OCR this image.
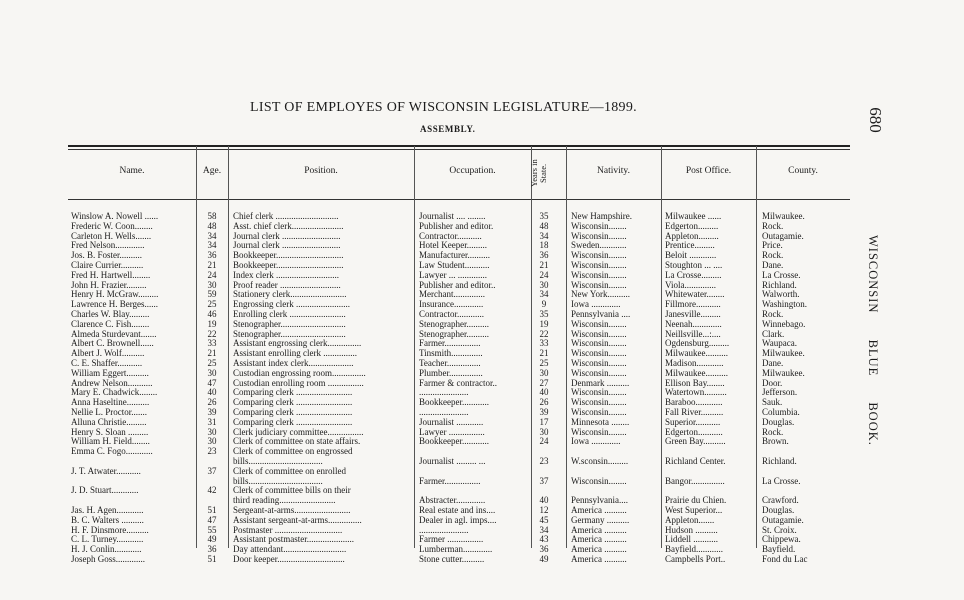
LIST OF EMPLOYES OF WISCONSIN LEGISLATURE—1899.
ASSEMBLY.	680
WISCONSIN BLUE BOOK.
Name.	Age.	Position.	Occupation.	Years in State.	Nativity.	Post Office.	County.
Winslow A. Nowell ......	58	Chief clerk ............................	Journalist .... ........	35	New Hampshire.	Milwaukee ......	Milwaukee.
Frederic W. Coon........	48	Asst. chief clerk.......................	Publisher and editor.	48	Wisconsin........	Edgerton.........	Rock.
Carleton H. Wells.......	34	Journal clerk ..........................	Contractor...........	34	Wisconsin........	Appleton.........	Outagamie.
Fred Nelson.............	34	Journal clerk ..........................	Hotel Keeper.........	18	Sweden............	Prentice.........	Price.
Jos. B. Foster..........	36	Bookkeeper..............................	Manufacturer..........	36	Wisconsin........	Beloit ............	Rock.
Claire Currier..........	21	Bookkeeper..............................	Law Student...........	21	Wisconsin........	Stoughton ... ....	Dane.
Fred H. Hartwell........	24	Index clerk ............................	Lawyer ... .............	24	Wisconsin........	La Crosse.........	La Crosse.
John H. Frazier.........	30	Proof reader ...........................	Publisher and editor..	30	Wisconsin........	Viola..............	Richland.
Henry H. McGraw.........	59	Stationery clerk.........................	Merchant..............	34	New York..........	Whitewater........	Walworth.
Lawrence H. Berges......	25	Engrossing clerk ........................	Insurance.............	9	Iowa .............	Fillmore...........	Washington.
Charles W. Blay.........	46	Enrolling clerk .........................	Contractor............	35	Pennsylvania ....	Janesville.........	Rock.
Clarence C. Fish........	19	Stenographer.............................	Stenographer..........	19	Wisconsin........	Neenah.............	Winnebago.
Almeda Sturdevant.......	22	Stenographer.............................	Stenographer..........	22	Wisconsin........	Neillsville...:....	Clark.
Albert C. Brownell......	33	Assistant engrossing clerk...............	Farmer................	33	Wisconsin........	Ogdensburg.........	Waupaca.
Albert J. Wolf..........	21	Assistant enrolling clerk ...............	Tinsmith..............	21	Wisconsin........	Milwaukee..........	Milwaukee.
C. E. Shaffer...........	25	Assistant index clerk....................	Teacher...............	25	Wisconsin........	Madison............	Dane.
William Eggert..........	30	Custodian engrossing room...............	Plumber...............	30	Wisconsin........	Milwaukee..........	Milwaukee.
Andrew Nelson...........	47	Custodian enrolling room ................	Farmer & contractor..	27	Denmark ..........	Ellison Bay........	Door.
Mary E. Chadwick........	40	Comparing clerk .........................	......................	40	Wisconsin........	Watertown..........	Jefferson.
Anna Haseltine..........	26	Comparing clerk .........................	Bookkeeper............	26	Wisconsin........	Baraboo............	Sauk.
Nellie L. Proctor.......	39	Comparing clerk .........................	......................	39	Wisconsin........	Fall River..........	Columbia.
Alluna Christie.........	31	Comparing clerk .........................	Journalist ............	17	Minnesota ........	Superior...........	Douglas.
Henry S. Sloan .........	30	Clerk judiciary committee................	Lawyer ................	30	Wisconsin........	Edgerton...........	Rock.
William H. Field........	30	Clerk of committee on state affairs.	Bookkeeper............	24	Iowa .............	Green Bay..........	Brown.
Emma C. Fogo............	23	Clerk of committee on engrossed
bills.................................	Journalist ......... ...	23	W.sconsin.........	Richland Center.	Richland.
J. T. Atwater...........	37	Clerk of committee on enrolled
bills.................................	Farmer................	37	Wisconsin........	Bangor...............	La Crosse.
J. D. Stuart............	42	Clerk of committee bills on their
third reading.........................	Abstracter.............	40	Pennsylvania....	Prairie du Chien.	Crawford.
Jas. H. Agen............	51	Sergeant-at-arms.........................	Real estate and ins....	12	America ..........	West Superior...	Douglas.
B. C. Walters ..........	47	Assistant sergeant-at-arms...............	Dealer in agl. imps....	45	Germany ..........	Appleton.......	Outagamie.
H. F. Dinsmore..........	55	Postmaster ..............................	......................	34	America ..........	Hudson ..........	St. Croix.
C. L. Turney............	49	Assistant postmaster.....................	Farmer ................	43	America ..........	Liddell ...........	Chippewa.
H. J. Conlin............	36	Day attendant............................	Lumberman.............	36	America ..........	Bayfield............	Bayfield.
Joseph Goss.............	51	Door keeper..............................	Stone cutter..........	49	America ..........	Campbells Port..	Fond du Lac
